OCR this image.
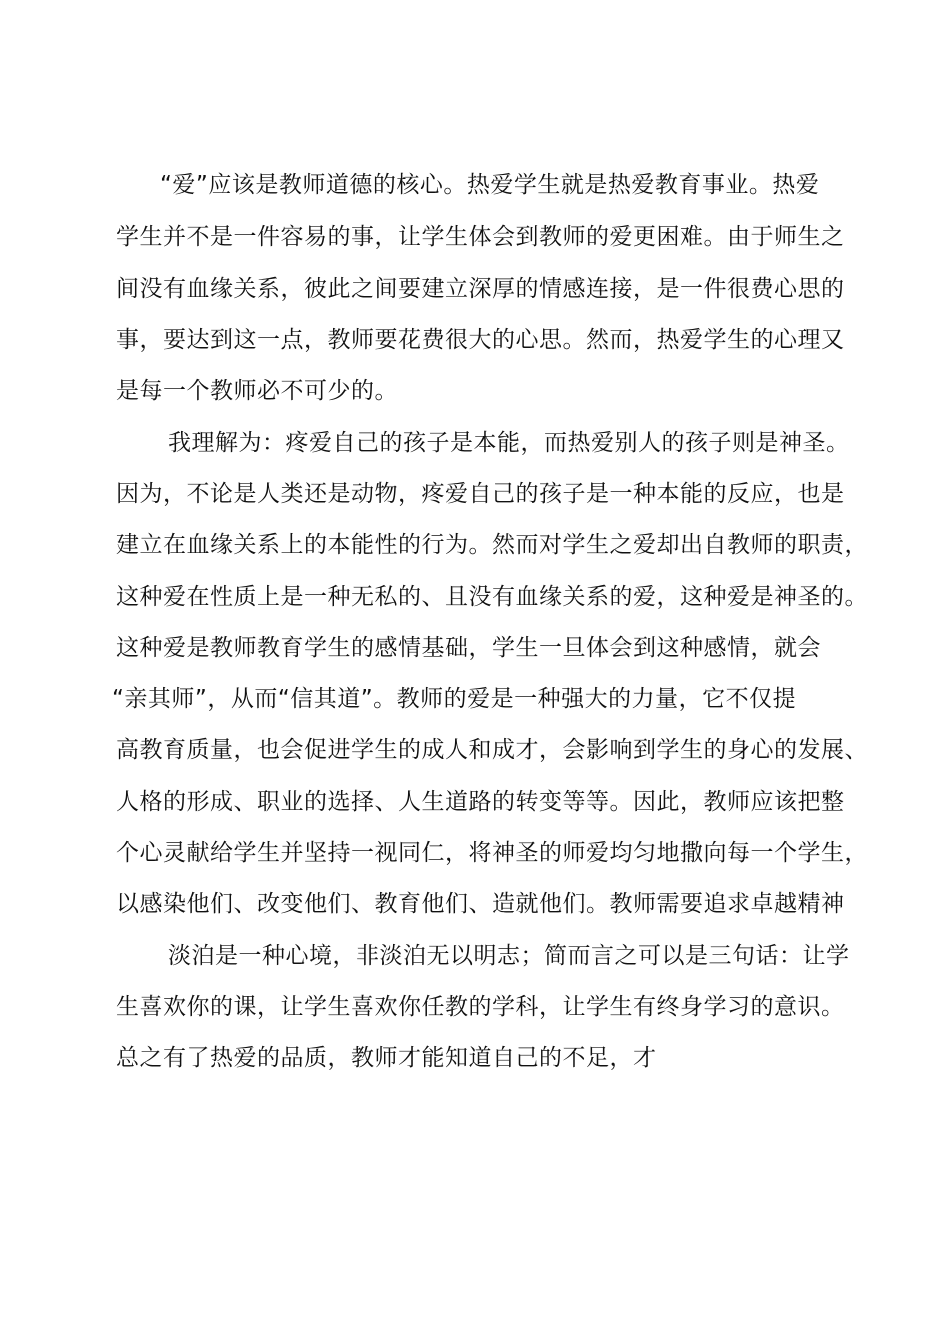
“爱”应该是教师道德的核心。热爱学生就是热爱教育事业。热爱
学生并不是一件容易的事，让学生体会到教师的爱更困难。由于师生之
间没有血缘关系，彼此之间要建立深厚的情感连接，是一件很费心思的
事，要达到这一点，教师要花费很大的心思。然而，热爱学生的心理又
是每一个教师必不可少的。
我理解为：疼爱自己的孩子是本能，而热爱别人的孩子则是神圣。
因为，不论是人类还是动物，疼爱自己的孩子是一种本能的反应，也是
建立在血缘关系上的本能性的行为。然而对学生之爱却出自教师的职责，
这种爱在性质上是一种无私的、且没有血缘关系的爱，这种爱是神圣的。
这种爱是教师教育学生的感情基础，学生一旦体会到这种感情，就会
“亲其师”，从而“信其道”。教师的爱是一种强大的力量，它不仅提
高教育质量，也会促进学生的成人和成才，会影响到学生的身心的发展、
人格的形成、职业的选择、人生道路的转变等等。因此，教师应该把整
个心灵献给学生并坚持一视同仁，将神圣的师爱均匀地撒向每一个学生，
以感染他们、改变他们、教育他们、造就他们。教师需要追求卓越精神
淡泊是一种心境，非淡泊无以明志；简而言之可以是三句话：让学
生喜欢你的课，让学生喜欢你任教的学科，让学生有终身学习的意识。
总之有了热爱的品质，教师才能知道自己的不足，才
